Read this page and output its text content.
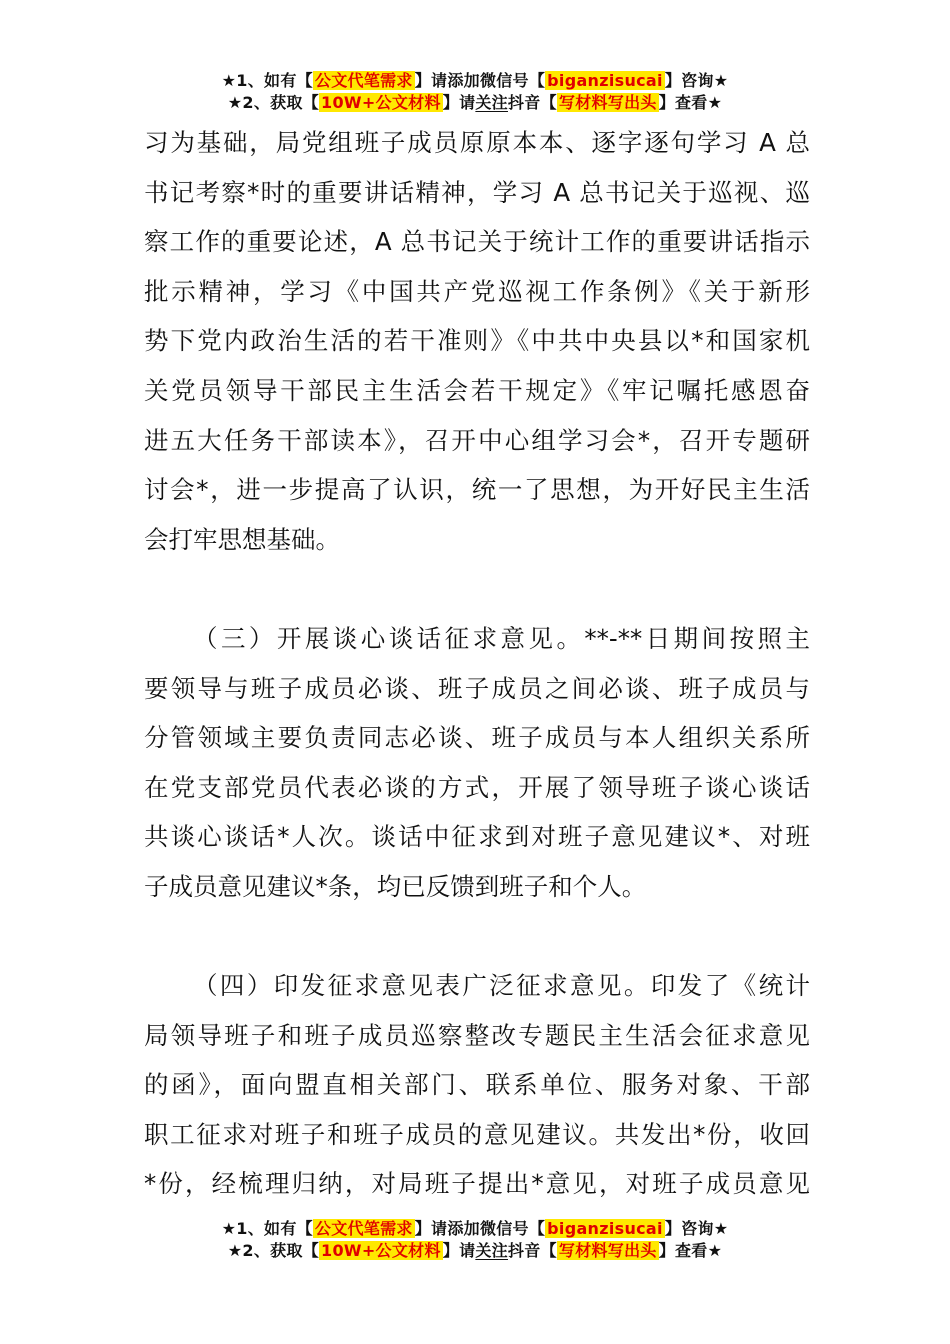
★1、如有【 公文代笔需求 】请添加微信号【 biganzisucai 】咨询★
★2、获取【 10W+公文材料 】请关注抖音【 写材料写出头 】查看★
习为基础，局党组班子成员原原本本、逐字逐句学习 A 总
书记考察*时的重要讲话精神，学习 A 总书记关于巡视、巡
察工作的重要论述，A 总书记关于统计工作的重要讲话指示
批示精神，学习《中国共产党巡视工作条例》《关于新形
势下党内政治生活的若干准则》《中共中央县以*和国家机
关党员领导干部民主生活会若干规定》《牢记嘱托感恩奋
进五大任务干部读本》，召开中心组学习会*，召开专题研
讨会*，进一步提高了认识，统一了思想，为开好民主生活
会打牢思想基础。
（三）开展谈心谈话征求意见。**-**日期间按照主
要领导与班子成员必谈、班子成员之间必谈、班子成员与
分管领域主要负责同志必谈、班子成员与本人组织关系所
在党支部党员代表必谈的方式，开展了领导班子谈心谈话
共谈心谈话*人次。谈话中征求到对班子意见建议*、对班
子成员意见建议*条，均已反馈到班子和个人。
（四）印发征求意见表广泛征求意见。印发了《统计
局领导班子和班子成员巡察整改专题民主生活会征求意见
的函》，面向盟直相关部门、联系单位、服务对象、干部
职工征求对班子和班子成员的意见建议。共发出*份，收回
*份，经梳理归纳，对局班子提出*意见，对班子成员意见
★1、如有【 公文代笔需求 】请添加微信号【 biganzisucai 】咨询★
★2、获取【 10W+公文材料 】请关注抖音【 写材料写出头 】查看★
